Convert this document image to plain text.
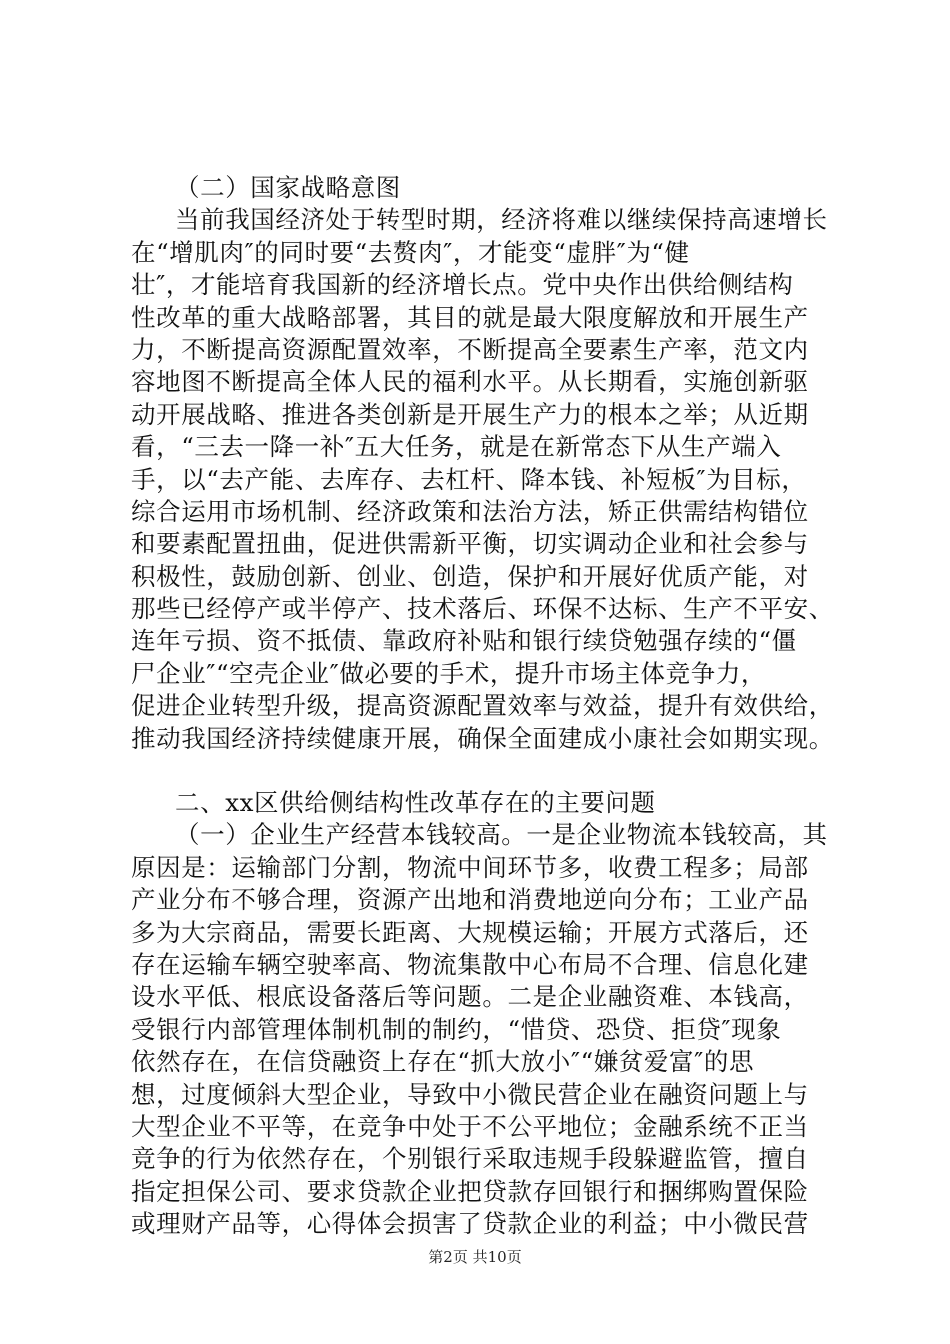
（二）国家战略意图
当前我国经济处于转型时期，经济将难以继续保持高速增长
在“增肌肉″的同时要“去赘肉″，才能变“虚胖″为“健
壮″，才能培育我国新的经济增长点。党中央作出供给侧结构
性改革的重大战略部署，其目的就是最大限度解放和开展生产
力，不断提高资源配置效率，不断提高全要素生产率，范文内
容地图不断提高全体人民的福利水平。从长期看，实施创新驱
动开展战略、推进各类创新是开展生产力的根本之举；从近期
看，“三去一降一补″五大任务，就是在新常态下从生产端入
手，以“去产能、去库存、去杠杆、降本钱、补短板″为目标，
综合运用市场机制、经济政策和法治方法，矫正供需结构错位
和要素配置扭曲，促进供需新平衡，切实调动企业和社会参与
积极性，鼓励创新、创业、创造，保护和开展好优质产能，对
那些已经停产或半停产、技术落后、环保不达标、生产不平安、
连年亏损、资不抵债、靠政府补贴和银行续贷勉强存续的“僵
尸企业″“空壳企业″做必要的手术，提升市场主体竞争力，
促进企业转型升级，提高资源配置效率与效益，提升有效供给，
推动我国经济持续健康开展，确保全面建成小康社会如期实现。
二、xx区供给侧结构性改革存在的主要问题
（一）企业生产经营本钱较高。一是企业物流本钱较高，其
原因是：运输部门分割，物流中间环节多，收费工程多；局部
产业分布不够合理，资源产出地和消费地逆向分布；工业产品
多为大宗商品，需要长距离、大规模运输；开展方式落后，还
存在运输车辆空驶率高、物流集散中心布局不合理、信息化建
设水平低、根底设备落后等问题。二是企业融资难、本钱高，
受银行内部管理体制机制的制约，“惜贷、恐贷、拒贷″现象
依然存在，在信贷融资上存在“抓大放小″“嫌贫爱富″的思
想，过度倾斜大型企业，导致中小微民营企业在融资问题上与
大型企业不平等，在竞争中处于不公平地位；金融系统不正当
竞争的行为依然存在，个别银行采取违规手段躲避监管，擅自
指定担保公司、要求贷款企业把贷款存回银行和捆绑购置保险
或理财产品等，心得体会损害了贷款企业的利益；中小微民营
第2页 共10页
